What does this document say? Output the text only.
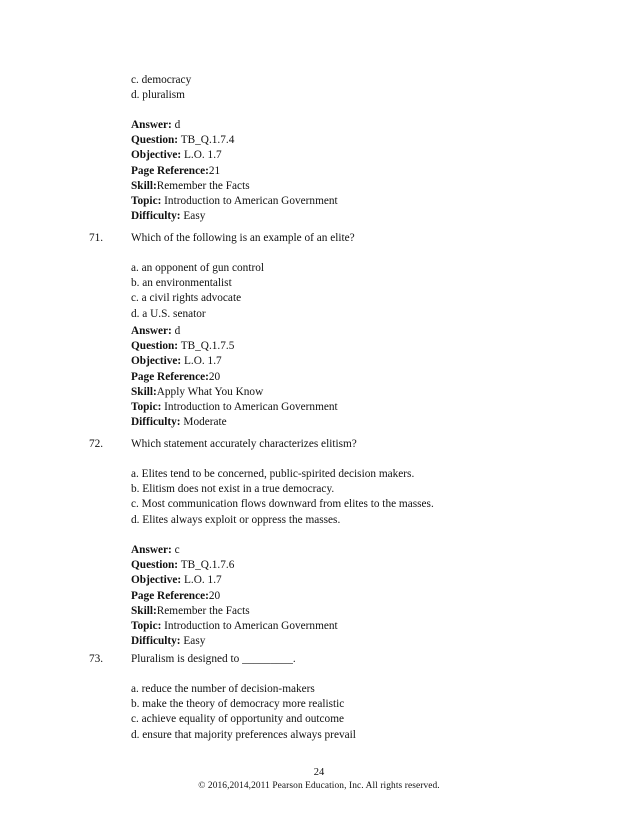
c. democracy
d. pluralism
Answer: d
Question: TB_Q.1.7.4
Objective: L.O. 1.7
Page Reference:21
Skill:Remember the Facts
Topic: Introduction to American Government
Difficulty: Easy
71. Which of the following is an example of an elite?
a. an opponent of gun control
b. an environmentalist
c. a civil rights advocate
d. a U.S. senator
Answer: d
Question: TB_Q.1.7.5
Objective: L.O. 1.7
Page Reference:20
Skill:Apply What You Know
Topic: Introduction to American Government
Difficulty: Moderate
72. Which statement accurately characterizes elitism?
a. Elites tend to be concerned, public-spirited decision makers.
b. Elitism does not exist in a true democracy.
c. Most communication flows downward from elites to the masses.
d. Elites always exploit or oppress the masses.
Answer: c
Question: TB_Q.1.7.6
Objective: L.O. 1.7
Page Reference:20
Skill:Remember the Facts
Topic: Introduction to American Government
Difficulty: Easy
73. Pluralism is designed to _________.
a. reduce the number of decision-makers
b. make the theory of democracy more realistic
c. achieve equality of opportunity and outcome
d. ensure that majority preferences always prevail
24
© 2016,2014,2011 Pearson Education, Inc. All rights reserved.
